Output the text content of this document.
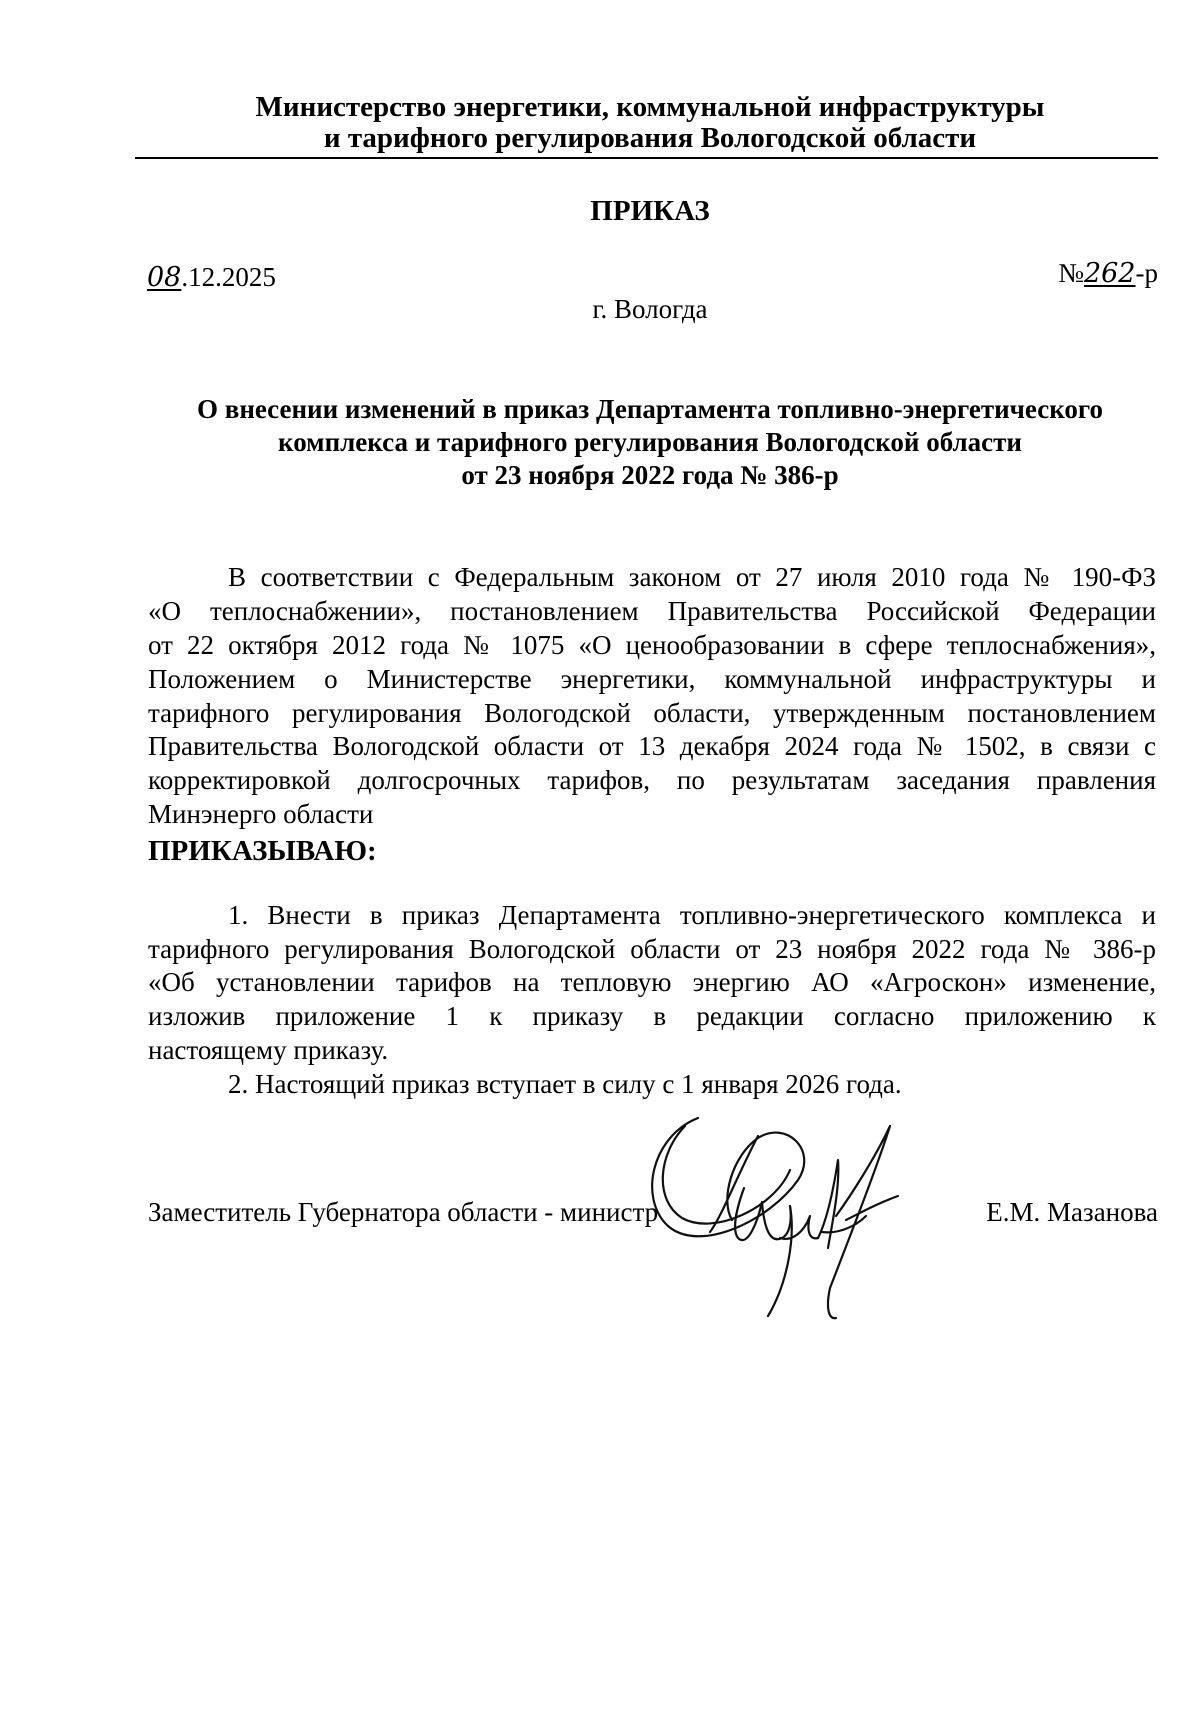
Министерство энергетики, коммунальной инфраструктуры
и тарифного регулирования Вологодской области
ПРИКАЗ
08.12.2025	№262-р
г. Вологда
О внесении изменений в приказ Департамента топливно-энергетического
комплекса и тарифного регулирования Вологодской области
от 23 ноября 2022 года № 386-р
В соответствии с Федеральным законом от 27 июля 2010 года № 190-ФЗ
«О теплоснабжении», постановлением Правительства Российской Федерации
от 22 октября 2012 года № 1075 «О ценообразовании в сфере теплоснабжения»,
Положением о Министерстве энергетики, коммунальной инфраструктуры и
тарифного регулирования Вологодской области, утвержденным постановлением
Правительства Вологодской области от 13 декабря 2024 года № 1502, в связи с
корректировкой долгосрочных тарифов, по результатам заседания правления
Минэнерго области
ПРИКАЗЫВАЮ:
1. Внести в приказ Департамента топливно-энергетического комплекса и
тарифного регулирования Вологодской области от 23 ноября 2022 года № 386-р
«Об установлении тарифов на тепловую энергию АО «Агроскон» изменение,
изложив приложение 1 к приказу в редакции согласно приложению к
настоящему приказу.
2. Настоящий приказ вступает в силу с 1 января 2026 года.
Заместитель Губернатора области - министр	Е.М. Мазанова
